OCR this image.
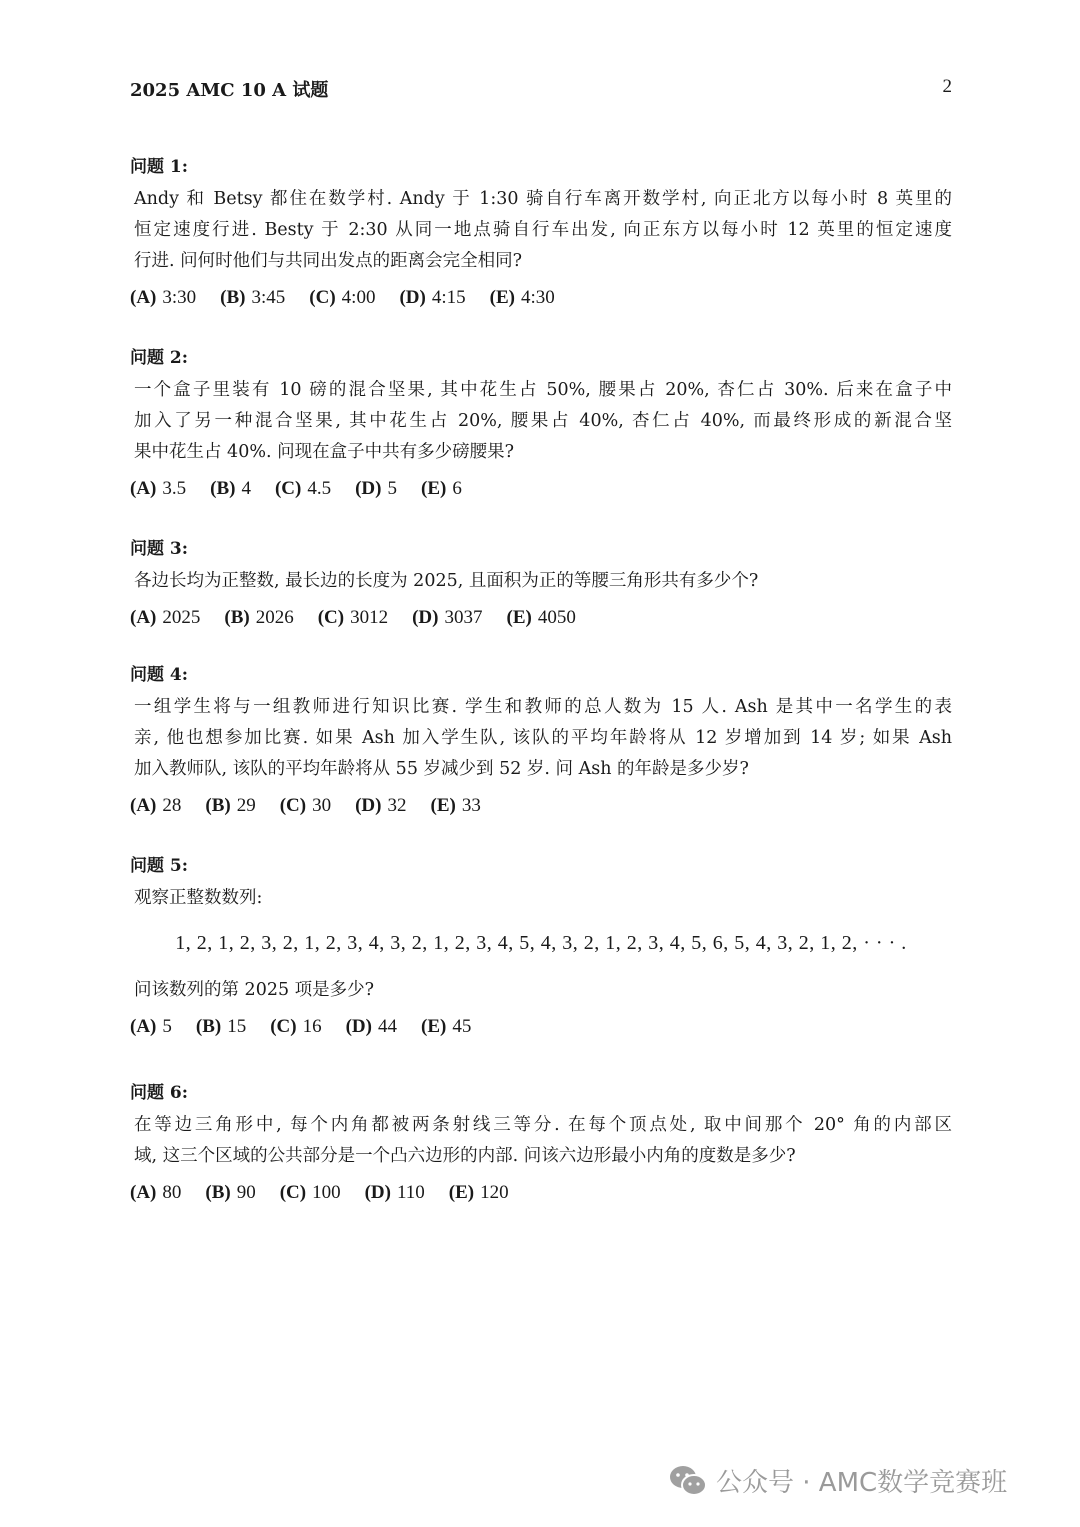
2025 AMC 10 A 试题	2
问题 1:
Andy 和 Betsy 都住在数学村. Andy 于 1:30 骑自行车离开数学村, 向正北方以每小时 8 英里的
恒定速度行进. Besty 于 2:30 从同一地点骑自行车出发, 向正东方以每小时 12 英里的恒定速度
行进. 问何时他们与共同出发点的距离会完全相同?
(A) 3:30 (B) 3:45 (C) 4:00 (D) 4:15 (E) 4:30
问题 2:
一个盒子里装有 10 磅的混合坚果, 其中花生占 50%, 腰果占 20%, 杏仁占 30%. 后来在盒子中
加入了另一种混合坚果, 其中花生占 20%, 腰果占 40%, 杏仁占 40%, 而最终形成的新混合坚
果中花生占 40%. 问现在盒子中共有多少磅腰果?
(A) 3.5 (B) 4 (C) 4.5 (D) 5 (E) 6
问题 3:
各边长均为正整数, 最长边的长度为 2025, 且面积为正的等腰三角形共有多少个?
(A) 2025 (B) 2026 (C) 3012 (D) 3037 (E) 4050
问题 4:
一组学生将与一组教师进行知识比赛. 学生和教师的总人数为 15 人. Ash 是其中一名学生的表
亲, 他也想参加比赛. 如果 Ash 加入学生队, 该队的平均年龄将从 12 岁增加到 14 岁; 如果 Ash
加入教师队, 该队的平均年龄将从 55 岁减少到 52 岁. 问 Ash 的年龄是多少岁?
(A) 28 (B) 29 (C) 30 (D) 32 (E) 33
问题 5:
观察正整数数列:
1, 2, 1, 2, 3, 2, 1, 2, 3, 4, 3, 2, 1, 2, 3, 4, 5, 4, 3, 2, 1, 2, 3, 4, 5, 6, 5, 4, 3, 2, 1, 2, · · · .
问该数列的第 2025 项是多少?
(A) 5 (B) 15 (C) 16 (D) 44 (E) 45
问题 6:
在等边三角形中, 每个内角都被两条射线三等分. 在每个顶点处, 取中间那个 20° 角的内部区
域, 这三个区域的公共部分是一个凸六边形的内部. 问该六边形最小内角的度数是多少?
(A) 80 (B) 90 (C) 100 (D) 110 (E) 120
公众号 · AMC数学竞赛班
